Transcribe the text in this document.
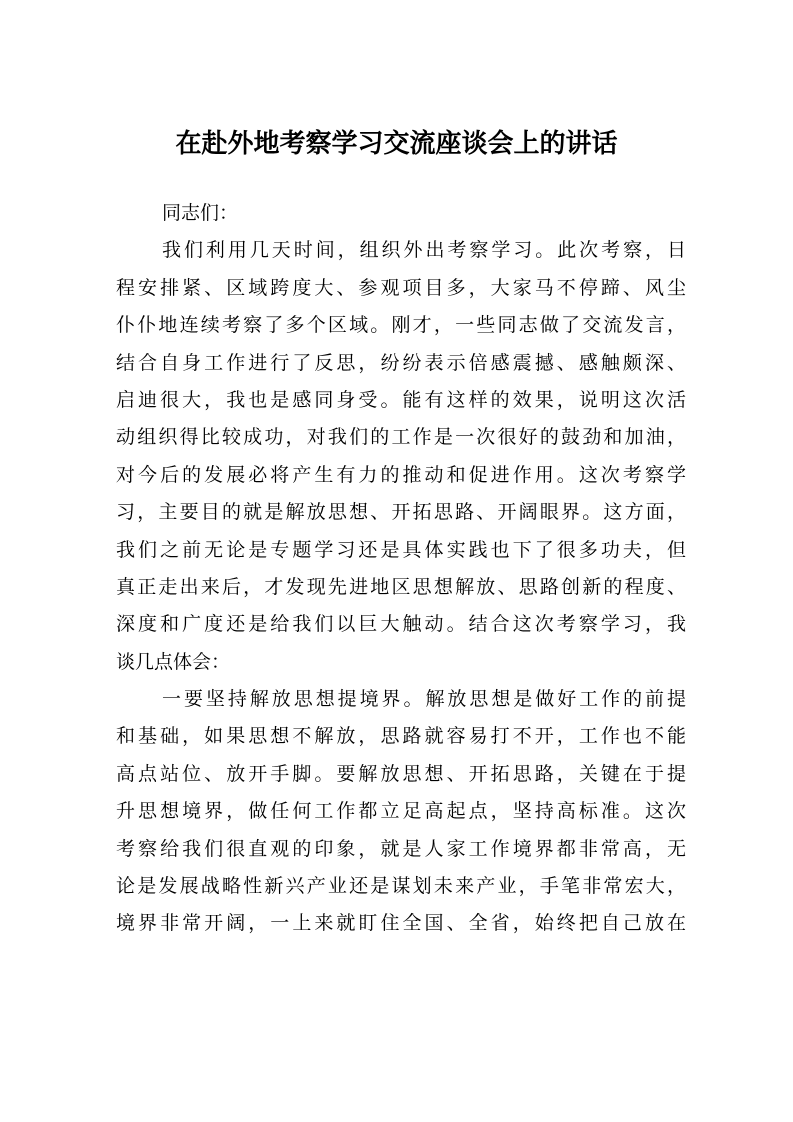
在赴外地考察学习交流座谈会上的讲话
同志们：
我们利用几天时间，组织外出考察学习。此次考察，日
程安排紧、区域跨度大、参观项目多，大家马不停蹄、风尘
仆仆地连续考察了多个区域。刚才，一些同志做了交流发言，
结合自身工作进行了反思，纷纷表示倍感震撼、感触颇深、
启迪很大，我也是感同身受。能有这样的效果，说明这次活
动组织得比较成功，对我们的工作是一次很好的鼓劲和加油，
对今后的发展必将产生有力的推动和促进作用。这次考察学
习，主要目的就是解放思想、开拓思路、开阔眼界。这方面，
我们之前无论是专题学习还是具体实践也下了很多功夫，但
真正走出来后，才发现先进地区思想解放、思路创新的程度、
深度和广度还是给我们以巨大触动。结合这次考察学习，我
谈几点体会：
一要坚持解放思想提境界。解放思想是做好工作的前提
和基础，如果思想不解放，思路就容易打不开，工作也不能
高点站位、放开手脚。要解放思想、开拓思路，关键在于提
升思想境界，做任何工作都立足高起点，坚持高标准。这次
考察给我们很直观的印象，就是人家工作境界都非常高，无
论是发展战略性新兴产业还是谋划未来产业，手笔非常宏大，
境界非常开阔，一上来就盯住全国、全省，始终把自己放在
